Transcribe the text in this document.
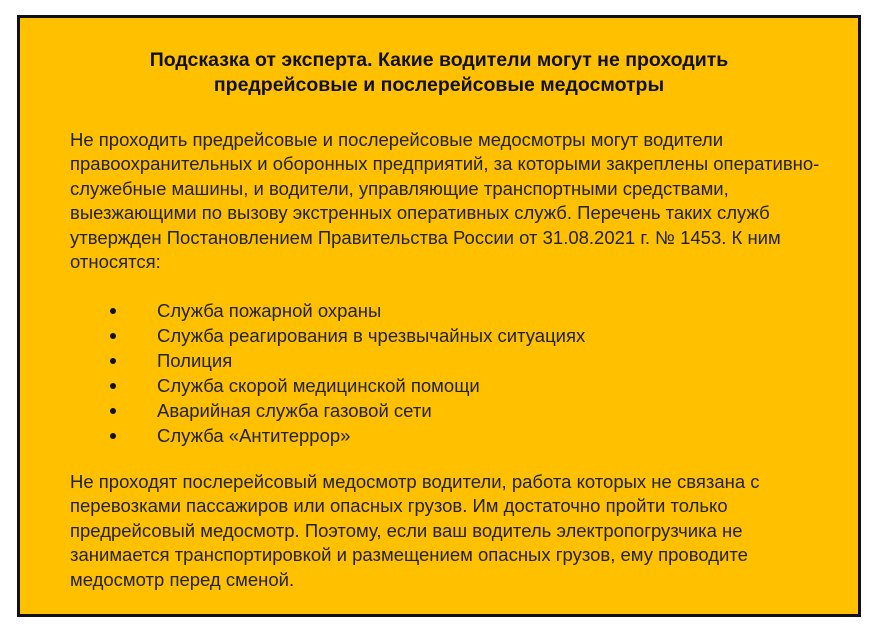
Подсказка от эксперта. Какие водители могут не проходить
предрейсовые и послерейсовые медосмотры

Не проходить предрейсовые и послерейсовые медосмотры могут водители правоохранительных и оборонных предприятий, за которыми закреплены оперативно-служебные машины, и водители, управляющие транспортными средствами, выезжающими по вызову экстренных оперативных служб. Перечень таких служб утвержден Постановлением Правительства России от 31.08.2021 г. № 1453. К ним относятся:

Служба пожарной охраны
Служба реагирования в чрезвычайных ситуациях
Полиция
Служба скорой медицинской помощи
Аварийная служба газовой сети
Служба «Антитеррор»

Не проходят послерейсовый медосмотр водители, работа которых не связана с перевозками пассажиров или опасных грузов. Им достаточно пройти только предрейсовый медосмотр. Поэтому, если ваш водитель электропогрузчика не занимается транспортировкой и размещением опасных грузов, ему проводите медосмотр перед сменой.
